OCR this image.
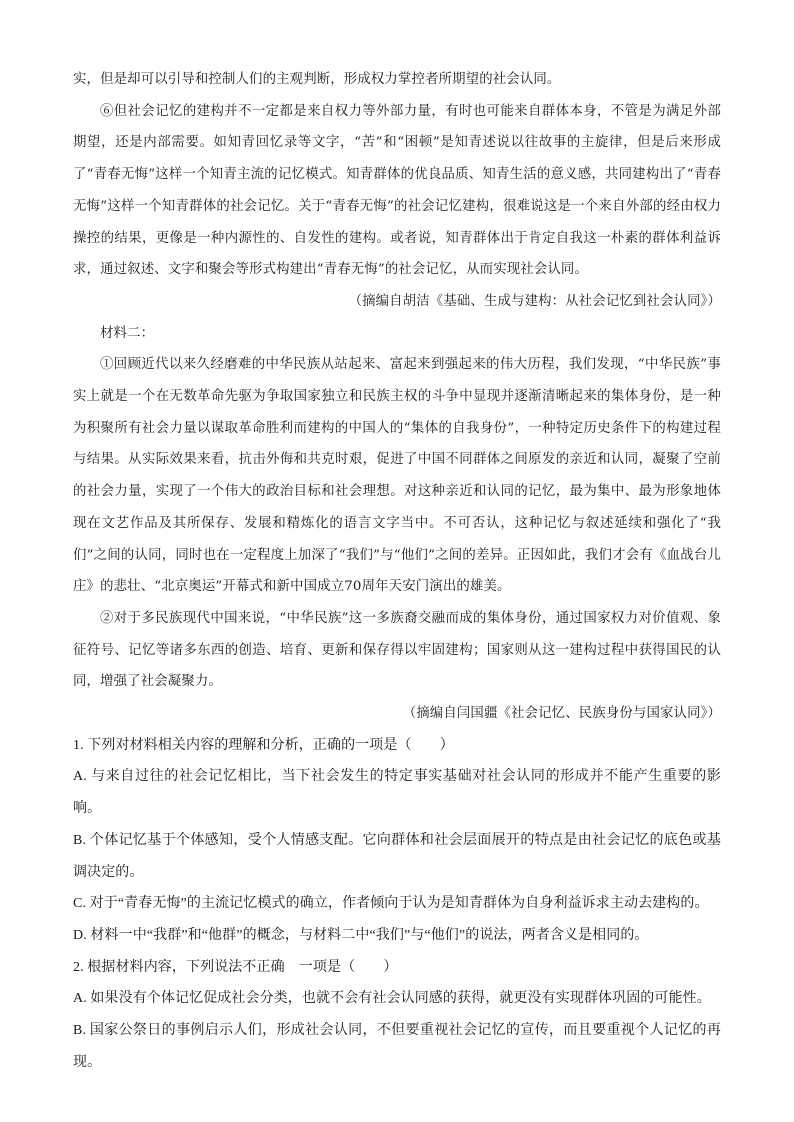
实，但是却可以引导和控制人们的主观判断，形成权力掌控者所期望的社会认同。

⑥但社会记忆的建构并不一定都是来自权力等外部力量，有时也可能来自群体本身，不管是为满足外部期望，还是内部需要。如知青回忆录等文字，“苦”和“困顿”是知青述说以往故事的主旋律，但是后来形成了“青春无悔”这样一个知青主流的记忆模式。知青群体的优良品质、知青生活的意义感，共同建构出了“青春无悔”这样一个知青群体的社会记忆。关于“青春无悔”的社会记忆建构，很难说这是一个来自外部的经由权力操控的结果，更像是一种内源性的、自发性的建构。或者说，知青群体出于肯定自我这一朴素的群体利益诉求，通过叙述、文字和聚会等形式构建出“青春无悔”的社会记忆，从而实现社会认同。

（摘编自胡洁《基础、生成与建构：从社会记忆到社会认同》）

材料二：

①回顾近代以来久经磨难的中华民族从站起来、富起来到强起来的伟大历程，我们发现，“中华民族”事实上就是一个在无数革命先驱为争取国家独立和民族主权的斗争中显现并逐渐清晰起来的集体身份，是一种为积聚所有社会力量以谋取革命胜利而建构的中国人的“集体的自我身份”，一种特定历史条件下的构建过程与结果。从实际效果来看，抗击外侮和共克时艰，促进了中国不同群体之间原发的亲近和认同，凝聚了空前的社会力量，实现了一个伟大的政治目标和社会理想。对这种亲近和认同的记忆，最为集中、最为形象地体现在文艺作品及其所保存、发展和精炼化的语言文字当中。不可否认，这种记忆与叙述延续和强化了“我们”之间的认同，同时也在一定程度上加深了“我们”与“他们”之间的差异。正因如此，我们才会有《血战台儿庄》的悲壮、“北京奥运”开幕式和新中国成立70周年天安门演出的雄美。

②对于多民族现代中国来说，“中华民族”这一多族裔交融而成的集体身份，通过国家权力对价值观、象征符号、记忆等诸多东西的创造、培育、更新和保存得以牢固建构；国家则从这一建构过程中获得国民的认同，增强了社会凝聚力。

（摘编自闫国疆《社会记忆、民族身份与国家认同》）

1. 下列对材料相关内容的理解和分析，正确的一项是（　　）

A. 与来自过往的社会记忆相比，当下社会发生的特定事实基础对社会认同的形成并不能产生重要的影响。

B. 个体记忆基于个体感知，受个人情感支配。它向群体和社会层面展开的特点是由社会记忆的底色或基调决定的。

C. 对于“青春无悔”的主流记忆模式的确立，作者倾向于认为是知青群体为自身利益诉求主动去建构的。

D. 材料一中“我群”和“他群”的概念，与材料二中“我们”与“他们”的说法，两者含义是相同的。

2. 根据材料内容，下列说法不正确　一项是（　　）

A. 如果没有个体记忆促成社会分类，也就不会有社会认同感的获得，就更没有实现群体巩固的可能性。

B. 国家公祭日的事例启示人们，形成社会认同，不但要重视社会记忆的宣传，而且要重视个人记忆的再现。
